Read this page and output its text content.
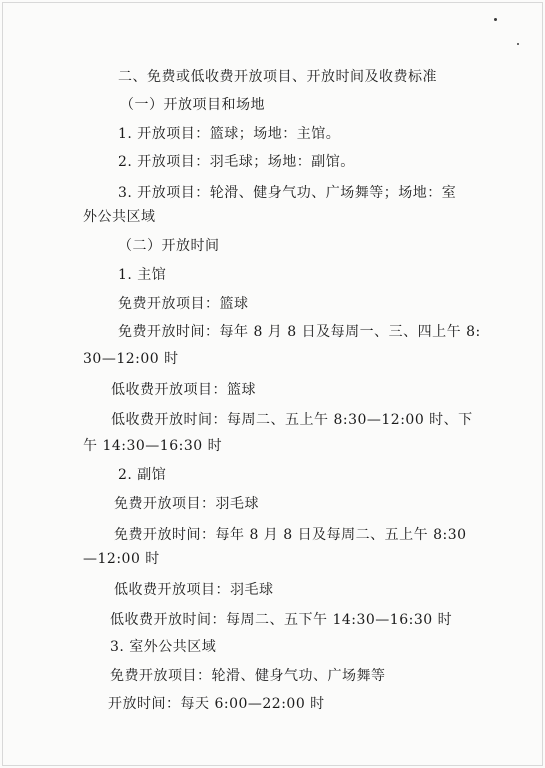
二、免费或低收费开放项目、开放时间及收费标准
（一）开放项目和场地
1. 开放项目：篮球；场地：主馆。
2. 开放项目：羽毛球；场地：副馆。
3. 开放项目：轮滑、健身气功、广场舞等；场地：室
外公共区域
（二）开放时间
1. 主馆
免费开放项目：篮球
免费开放时间：每年 8 月 8 日及每周一、三、四上午 8:
30—12:00 时
低收费开放项目：篮球
低收费开放时间：每周二、五上午 8:30—12:00 时、下
午 14:30—16:30 时
2. 副馆
免费开放项目：羽毛球
免费开放时间：每年 8 月 8 日及每周二、五上午 8:30
—12:00 时
低收费开放项目：羽毛球
低收费开放时间：每周二、五下午 14:30—16:30 时
3. 室外公共区域
免费开放项目：轮滑、健身气功、广场舞等
开放时间：每天 6:00—22:00 时
